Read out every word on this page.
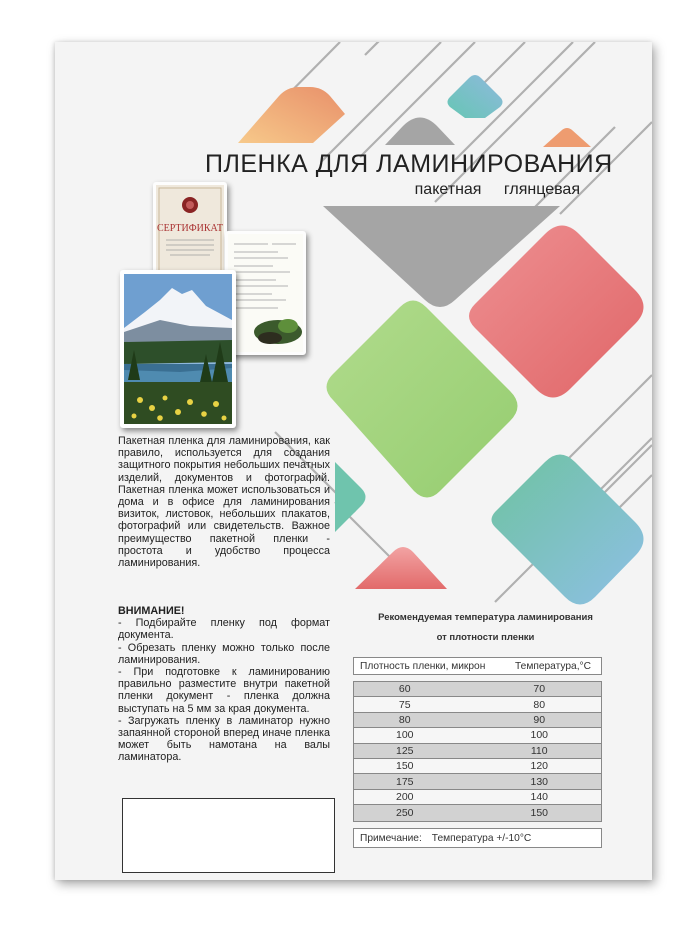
ПЛЕНКА ДЛЯ ЛАМИНИРОВАНИЯ
пакетная глянцевая
СЕРТИФИКАТ
Пакетная пленка для ламинирования, как правило, используется для создания защитного покрытия небольших печатных изделий, документов и фотографий. Пакетная пленка может использоваться и дома и в офисе для ламинирования визиток, листовок, небольших плакатов, фотографий или свидетельств. Важное преимущество пакетной пленки - простота и удобство процесса ламинирования.
ВНИМАНИЕ!
- Подбирайте пленку под формат документа.
- Обрезать пленку можно только после ламинирования.
- При подготовке к ламинированию правильно разместите внутри пакетной пленки документ - пленка должна выступать на 5 мм за края документа.
- Загружать пленку в ламинатор нужно запаянной стороной вперед иначе пленка может быть намотана на валы ламинатора.
Рекомендуемая температура ламинирования
от плотности пленки
Плотность пленки, микрон	Температура,°С
60	70
75	80
80	90
100	100
125	110
150	120
175	130
200	140
250	150
Примечание: Температура +/-10°С
